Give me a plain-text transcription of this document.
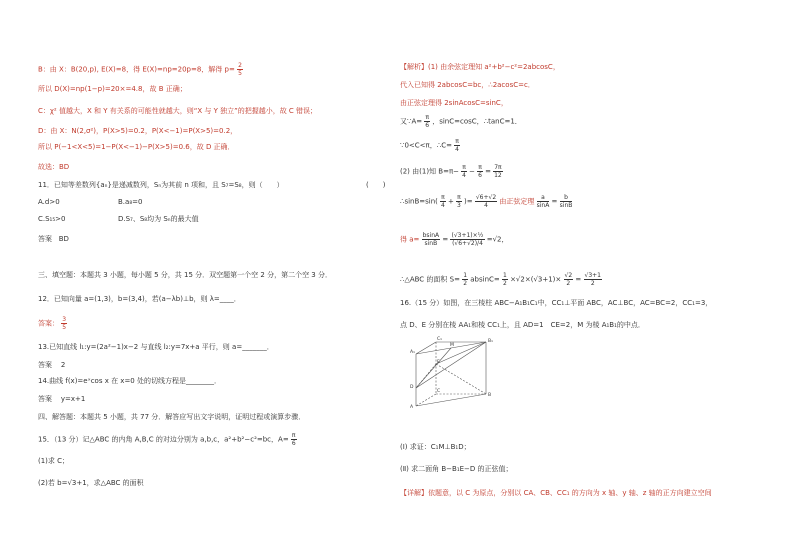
B：由 X：B(20,p), E(X)=8，得 E(X)=np=20p=8，解得 $p= \frac{2}{5}$
所以 D(X)=np(1−p)=20×=4.8，故 B 正确；
C：χ² 值越大，X 和 Y 有关系的可能性就越大，则“X 与 Y 独立”的把握越小，故 C 错误；
D：由 X：N(2,σ²)，P(X>5)=0.2，P(X<−1)=P(X>5)=0.2，
所以 P(−1<X<5)=1−P(X<−1)−P(X>5)=0.6，故 D 正确．
故选：BD
11．已知等差数列{aₙ}是递减数列，Sₙ为其前 n 项和，且 S₇=S₈，则（　　）
A.d>0	B.a₈=0
C.S₁₅>0	D.S₇、S₈均为 Sₙ的最大值
答案 BD
三、填空题：本题共 3 小题，每小题 5 分，共 15 分．双空题第一个空 2 分，第二个空 3 分．
12．已知向量 a=(1,3)，b=(3,4)，若(a−λb)⊥b，则 λ=____．
答案： $\frac{3}{5}$
13.已知直线 l₁:y=(2a²−1)x−2 与直线 l₂:y=7x+a 平行，则 a=_______．
答案 2
14.曲线 f(x)=eˣcos x 在 x=0 处的切线方程是________．
答案 y=x+1
四、解答题：本题共 5 小题，共 77 分．解答应写出文字说明，证明过程或演算步骤．
15．（13 分）记△ABC 的内角 A,B,C 的对边分别为 a,b,c，a²+b²−c²=bc，$A= \frac{\pi}{6}$
(1)求 C；
(2)若 b=√3+1，求△ABC 的面积
(　　)
【解析】(1) 由余弦定理知 a²+b²−c²=2abcosC，
代入已知得 2abcosC=bc，∴2acosC=c．
由正弦定理得 2sinAcosC=sinC，
又∵A= $\frac{\pi}{6}$ ，sinC=cosC，∴tanC=1．
∵0<C<π，∴C= $\frac{\pi}{4}$
(2) 由(1)知 $B=\pi- \frac{\pi}{4} - \frac{\pi}{6} = \frac{7\pi}{12}$
∴sinB=sin( $\frac{\pi}{4} + \frac{\pi}{3}$ )= $\frac{√6+√2}{4}$ 由正弦定理 $\frac{a}{\sin A} = \frac{b}{\sin B}$
得 $a= \frac{bsinA}{\sin B} = \frac{\text{(√3+1)×½}}{(√6+√2)/4} =√2$，
∴△ABC 的面积 $S= \frac{1}{2} absinC= \frac{1}{2} \times√2\times(√3+1)\times \frac{√2}{2} = \frac{√3+1}{2}$
16.（15 分）如图，在三棱柱 ABC−A₁B₁C₁中，CC₁⊥平面 ABC，AC⊥BC，AC=BC=2，CC₁=3，
点 D、E 分别在棱 AA₁和棱 CC₁上，且 AD=1　CE=2，M 为棱 A₁B₁的中点．
C₁
A₁
B₁
M
E
D
C
A
B
(Ⅰ) 求证：C₁M⊥B₁D；
(Ⅱ) 求二面角 B−B₁E−D 的正弦值；
【详解】依题意，以 C 为原点，分别以 CA、CB、CC₁ 的方向为 x 轴、y 轴、z 轴的正方向建立空间
